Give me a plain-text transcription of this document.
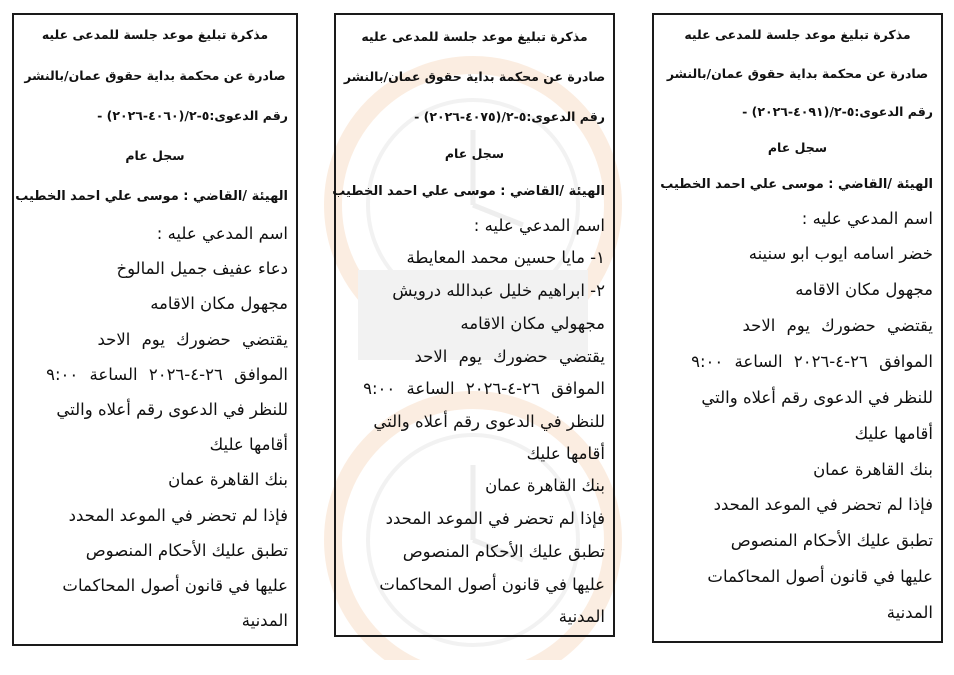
مذكرة تبليغ موعد جلسة للمدعى عليه
صادرة عن محكمة بداية حقوق عمان/بالنشر
رقم الدعوى:٥-٢/(٤٠٩١-٢٠٢٦) -
سجل عام
الهيئة /القاضي : موسى علي احمد الخطيب
اسم المدعي عليه :
خضر اسامه ايوب ابو سنينه
مجهول مكان الاقامه
يقتضي حضورك يوم الاحد
الموافق ٢٦-٤-٢٠٢٦ الساعة ٩:٠٠
للنظر في الدعوى رقم أعلاه والتي
أقامها عليك
بنك القاهرة عمان
فإذا لم تحضر في الموعد المحدد
تطبق عليك الأحكام المنصوص
عليها في قانون أصول المحاكمات
المدنية
مذكرة تبليغ موعد جلسة للمدعى عليه
صادرة عن محكمة بداية حقوق عمان/بالنشر
رقم الدعوى:٥-٢/(٤٠٧٥-٢٠٢٦) -
سجل عام
الهيئة /القاضي : موسى علي احمد الخطيب
اسم المدعي عليه :
١- مايا حسين محمد المعايطة
٢- ابراهيم خليل عبدالله درويش
مجهولي مكان الاقامه
يقتضي حضورك يوم الاحد
الموافق ٢٦-٤-٢٠٢٦ الساعة ٩:٠٠
للنظر في الدعوى رقم أعلاه والتي
أقامها عليك
بنك القاهرة عمان
فإذا لم تحضر في الموعد المحدد
تطبق عليك الأحكام المنصوص
عليها في قانون أصول المحاكمات
المدنية
مذكرة تبليغ موعد جلسة للمدعى عليه
صادرة عن محكمة بداية حقوق عمان/بالنشر
رقم الدعوى:٥-٢/(٤٠٦٠-٢٠٢٦) -
سجل عام
الهيئة /القاضي : موسى علي احمد الخطيب
اسم المدعي عليه :
دعاء عفيف جميل المالوخ
مجهول مكان الاقامه
يقتضي حضورك يوم الاحد
الموافق ٢٦-٤-٢٠٢٦ الساعة ٩:٠٠
للنظر في الدعوى رقم أعلاه والتي
أقامها عليك
بنك القاهرة عمان
فإذا لم تحضر في الموعد المحدد
تطبق عليك الأحكام المنصوص
عليها في قانون أصول المحاكمات
المدنية
